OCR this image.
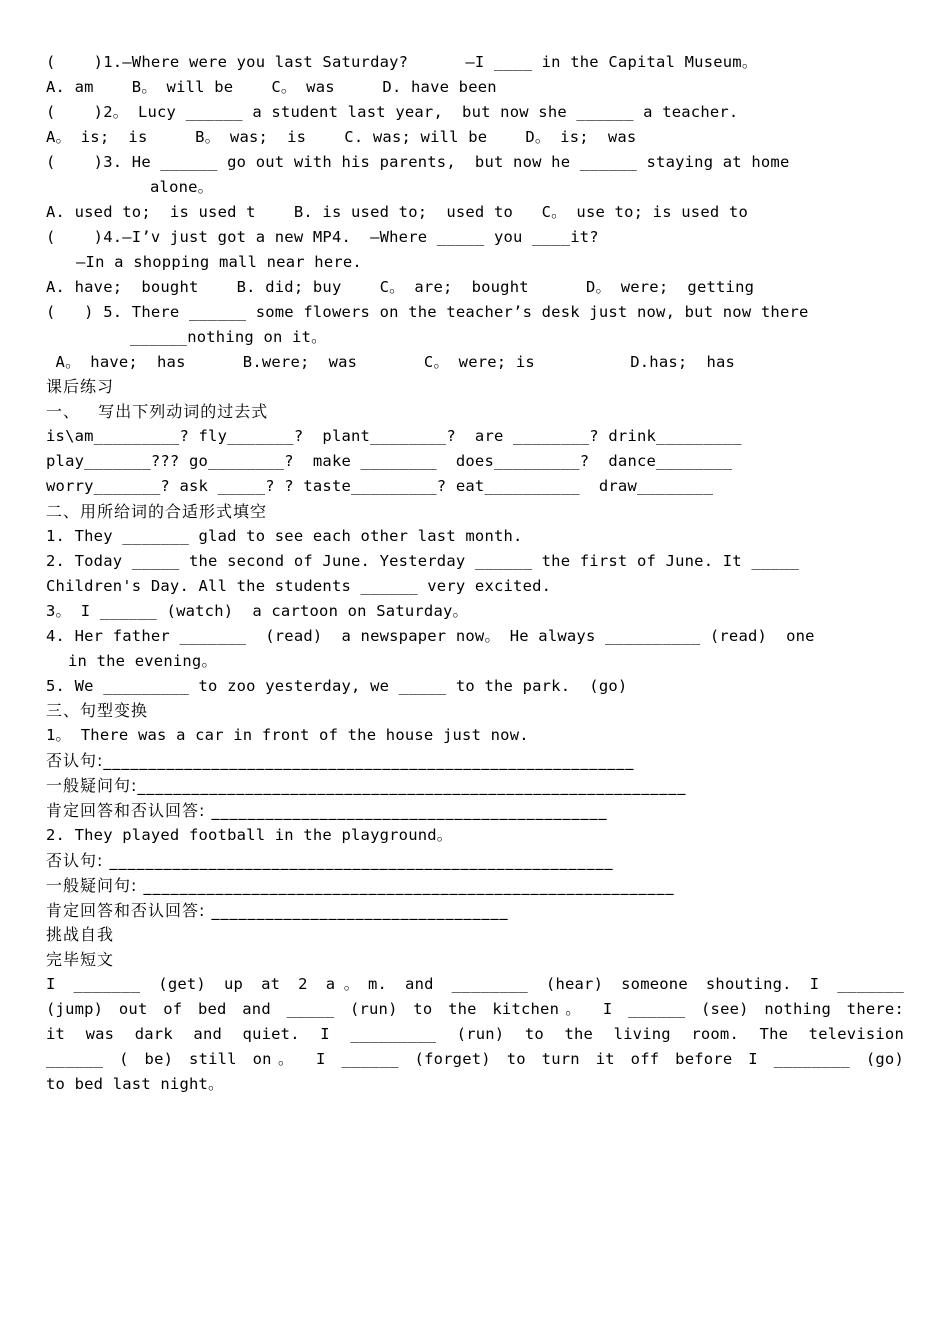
(    )1.—Where were you last Saturday?      —I ____ in the Capital Museum。
A. am    B。 will be    C。 was     D. have been
(    )2。 Lucy ______ a student last year,  but now she ______ a teacher.
A。 is;  is     B。 was;  is    C. was; will be    D。 is;  was
(    )3. He ______ go out with his parents,  but now he ______ staying at home
alone。
A. used to;  is used t    B. is used to;  used to   C。 use to; is used to
(    )4.—I’v just got a new MP4.  —Where _____ you ____it?
—In a shopping mall near here.
A. have;  bought    B. did; buy    C。 are;  bought      D。 were;  getting
(   ) 5. There ______ some flowers on the teacher’s desk just now, but now there
______nothing on it。
A。 have;  has      B.were;  was       C。 were; is          D.has;  has
课后练习
一、   写出下列动词的过去式
is\am_________? fly_______?  plant________?  are ________? drink_________
play_______??? go________?  make ________  does_________?  dance________
worry_______? ask _____? ? taste_________? eat__________  draw________
二、用所给词的合适形式填空
1. They _______ glad to see each other last month.
2. Today _____ the second of June. Yesterday ______ the first of June. It _____
Children's Day. All the students ______ very excited.
3。 I ______ (watch)  a cartoon on Saturday。
4. Her father _______  (read)  a newspaper now。 He always __________ (read)  one
in the evening。
5. We _________ to zoo yesterday, we _____ to the park.  (go)
三、句型变换
1。 There was a car in front of the house just now.
否认句:___________________________________________________________
一般疑问句:_____________________________________________________________
肯定回答和否认回答: ____________________________________________
2. They played football in the playground。
否认句: ________________________________________________________
一般疑问句: ___________________________________________________________
肯定回答和否认回答: _________________________________
挑战自我
完毕短文
I _______ (get) up at 2 a。m. and ________ (hear) someone shouting. I _______
(jump) out of bed and _____ (run) to the kitchen。 I ______ (see) nothing there:
it was dark and quiet. I _________ (run) to the living room. The television
______ ( be) still on。 I ______ (forget) to turn it off before I ________ (go)
to bed last night。
